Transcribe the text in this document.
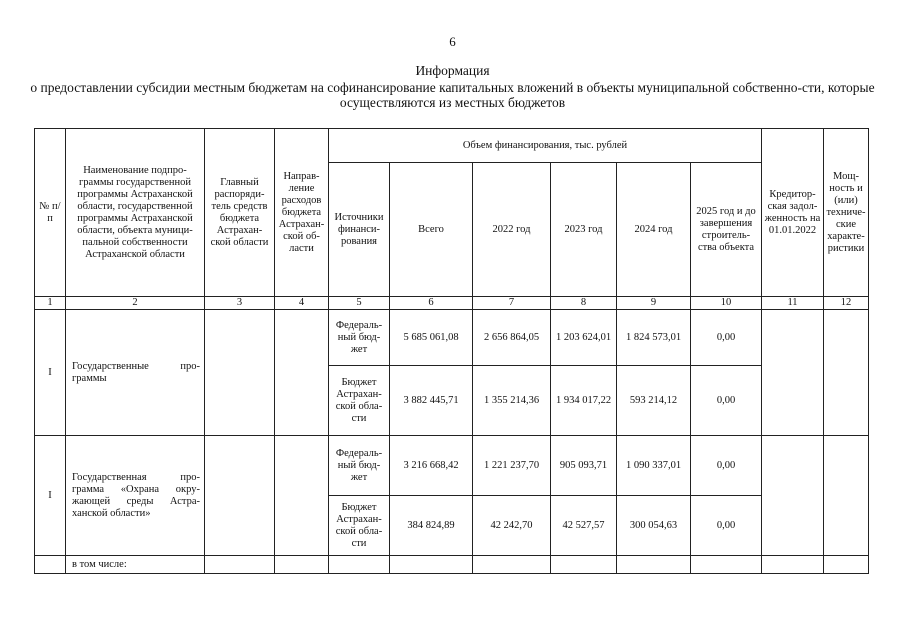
6
Информация
о предоставлении субсидии местным бюджетам на софинансирование капитальных вложений в объекты муниципальной собственно-сти, которые осуществляются из местных бюджетов
№ п/п	Наименование подпро-граммы государственной программы Астраханской области, государственной программы Астраханской области, объекта муници-пальной собственности Астраханской области	Главный распоряди-тель средств бюджета Астрахан-ской области	Направ-ление расходов бюджета Астрахан-ской об-ласти	Объем финансирования, тыс. рублей						Кредитор-ская задол-женность на 01.01.2022	Мощ-ность и (или) техниче-ские характе-ристики
				Источники финанси-рования	Всего	2022 год	2023 год	2024 год	2025 год и до завершения строитель-ства объекта		
1	2	3	4	5	6	7	8	9	10	11	12
I	Государственные про-граммы			Федераль-ный бюд-жет	5 685 061,08	2 656 864,05	1 203 624,01	1 824 573,01	0,00		
				Бюджет Астрахан-ской обла-сти	3 882 445,71	1 355 214,36	1 934 017,22	593 214,12	0,00		
I	Государственная про-грамма «Охрана окру-жающей среды Астра-ханской области»			Федераль-ный бюд-жет	3 216 668,42	1 221 237,70	905 093,71	1 090 337,01	0,00		
				Бюджет Астрахан-ской обла-сти	384 824,89	42 242,70	42 527,57	300 054,63	0,00		
	в том числе:										
